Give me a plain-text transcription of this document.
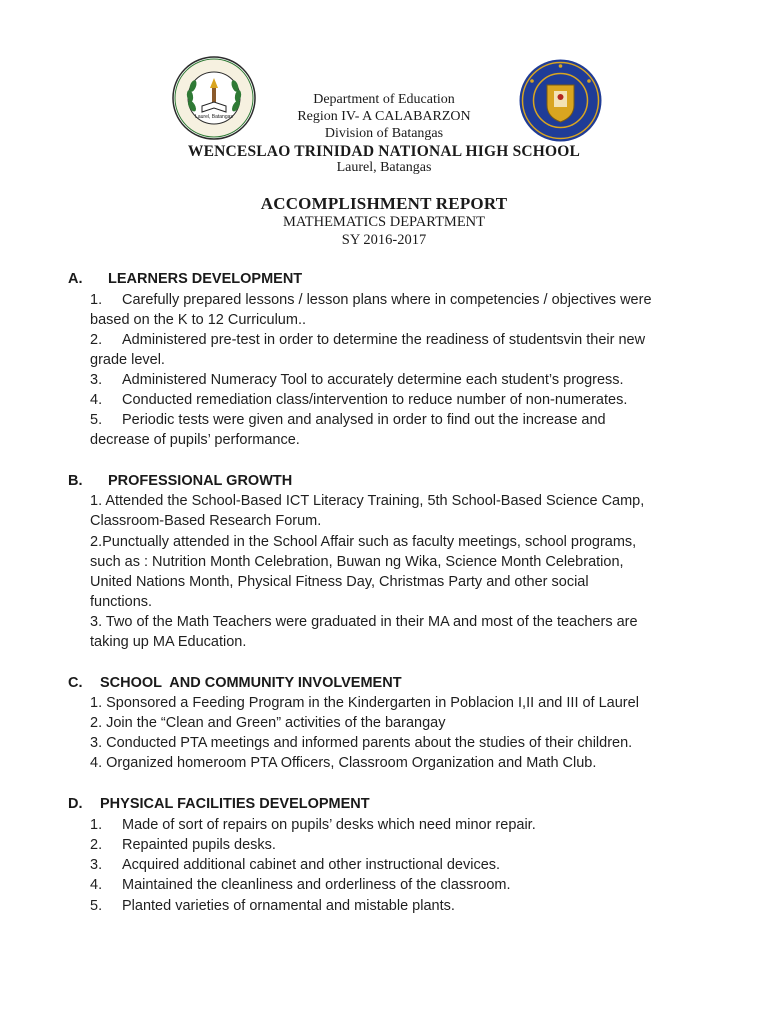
Laurel, Batangas
Department of Education
Region IV- A CALABARZON
Division of Batangas
WENCESLAO TRINIDAD NATIONAL HIGH SCHOOL
Laurel, Batangas
ACCOMPLISHMENT REPORT
MATHEMATICS DEPARTMENT
SY 2016-2017
A. LEARNERS DEVELOPMENT
1. Carefully prepared lessons / lesson plans where in competencies / objectives were
based on the K to 12 Curriculum..
2. Administered pre-test in order to determine the readiness of studentsvin their new
grade level.
3. Administered Numeracy Tool to accurately determine each student’s progress.
4. Conducted remediation class/intervention to reduce number of non-numerates.
5. Periodic tests were given and analysed in order to find out the increase and
decrease of pupils’ performance.
B. PROFESSIONAL GROWTH
1. Attended the School-Based ICT Literacy Training, 5th School-Based Science Camp,
Classroom-Based Research Forum.
2.Punctually attended in the School Affair such as faculty meetings, school programs,
such as : Nutrition Month Celebration, Buwan ng Wika, Science Month Celebration,
United Nations Month, Physical Fitness Day, Christmas Party and other social
functions.
3. Two of the Math Teachers were graduated in their MA and most of the teachers are
taking up MA Education.
C. SCHOOL  AND COMMUNITY INVOLVEMENT
1. Sponsored a Feeding Program in the Kindergarten in Poblacion I,II and III of Laurel
2. Join the “Clean and Green” activities of the barangay
3. Conducted PTA meetings and informed parents about the studies of their children.
4. Organized homeroom PTA Officers, Classroom Organization and Math Club.
D. PHYSICAL FACILITIES DEVELOPMENT
1. Made of sort of repairs on pupils’ desks which need minor repair.
2. Repainted pupils desks.
3. Acquired additional cabinet and other instructional devices.
4. Maintained the cleanliness and orderliness of the classroom.
5. Planted varieties of ornamental and mistable plants.
